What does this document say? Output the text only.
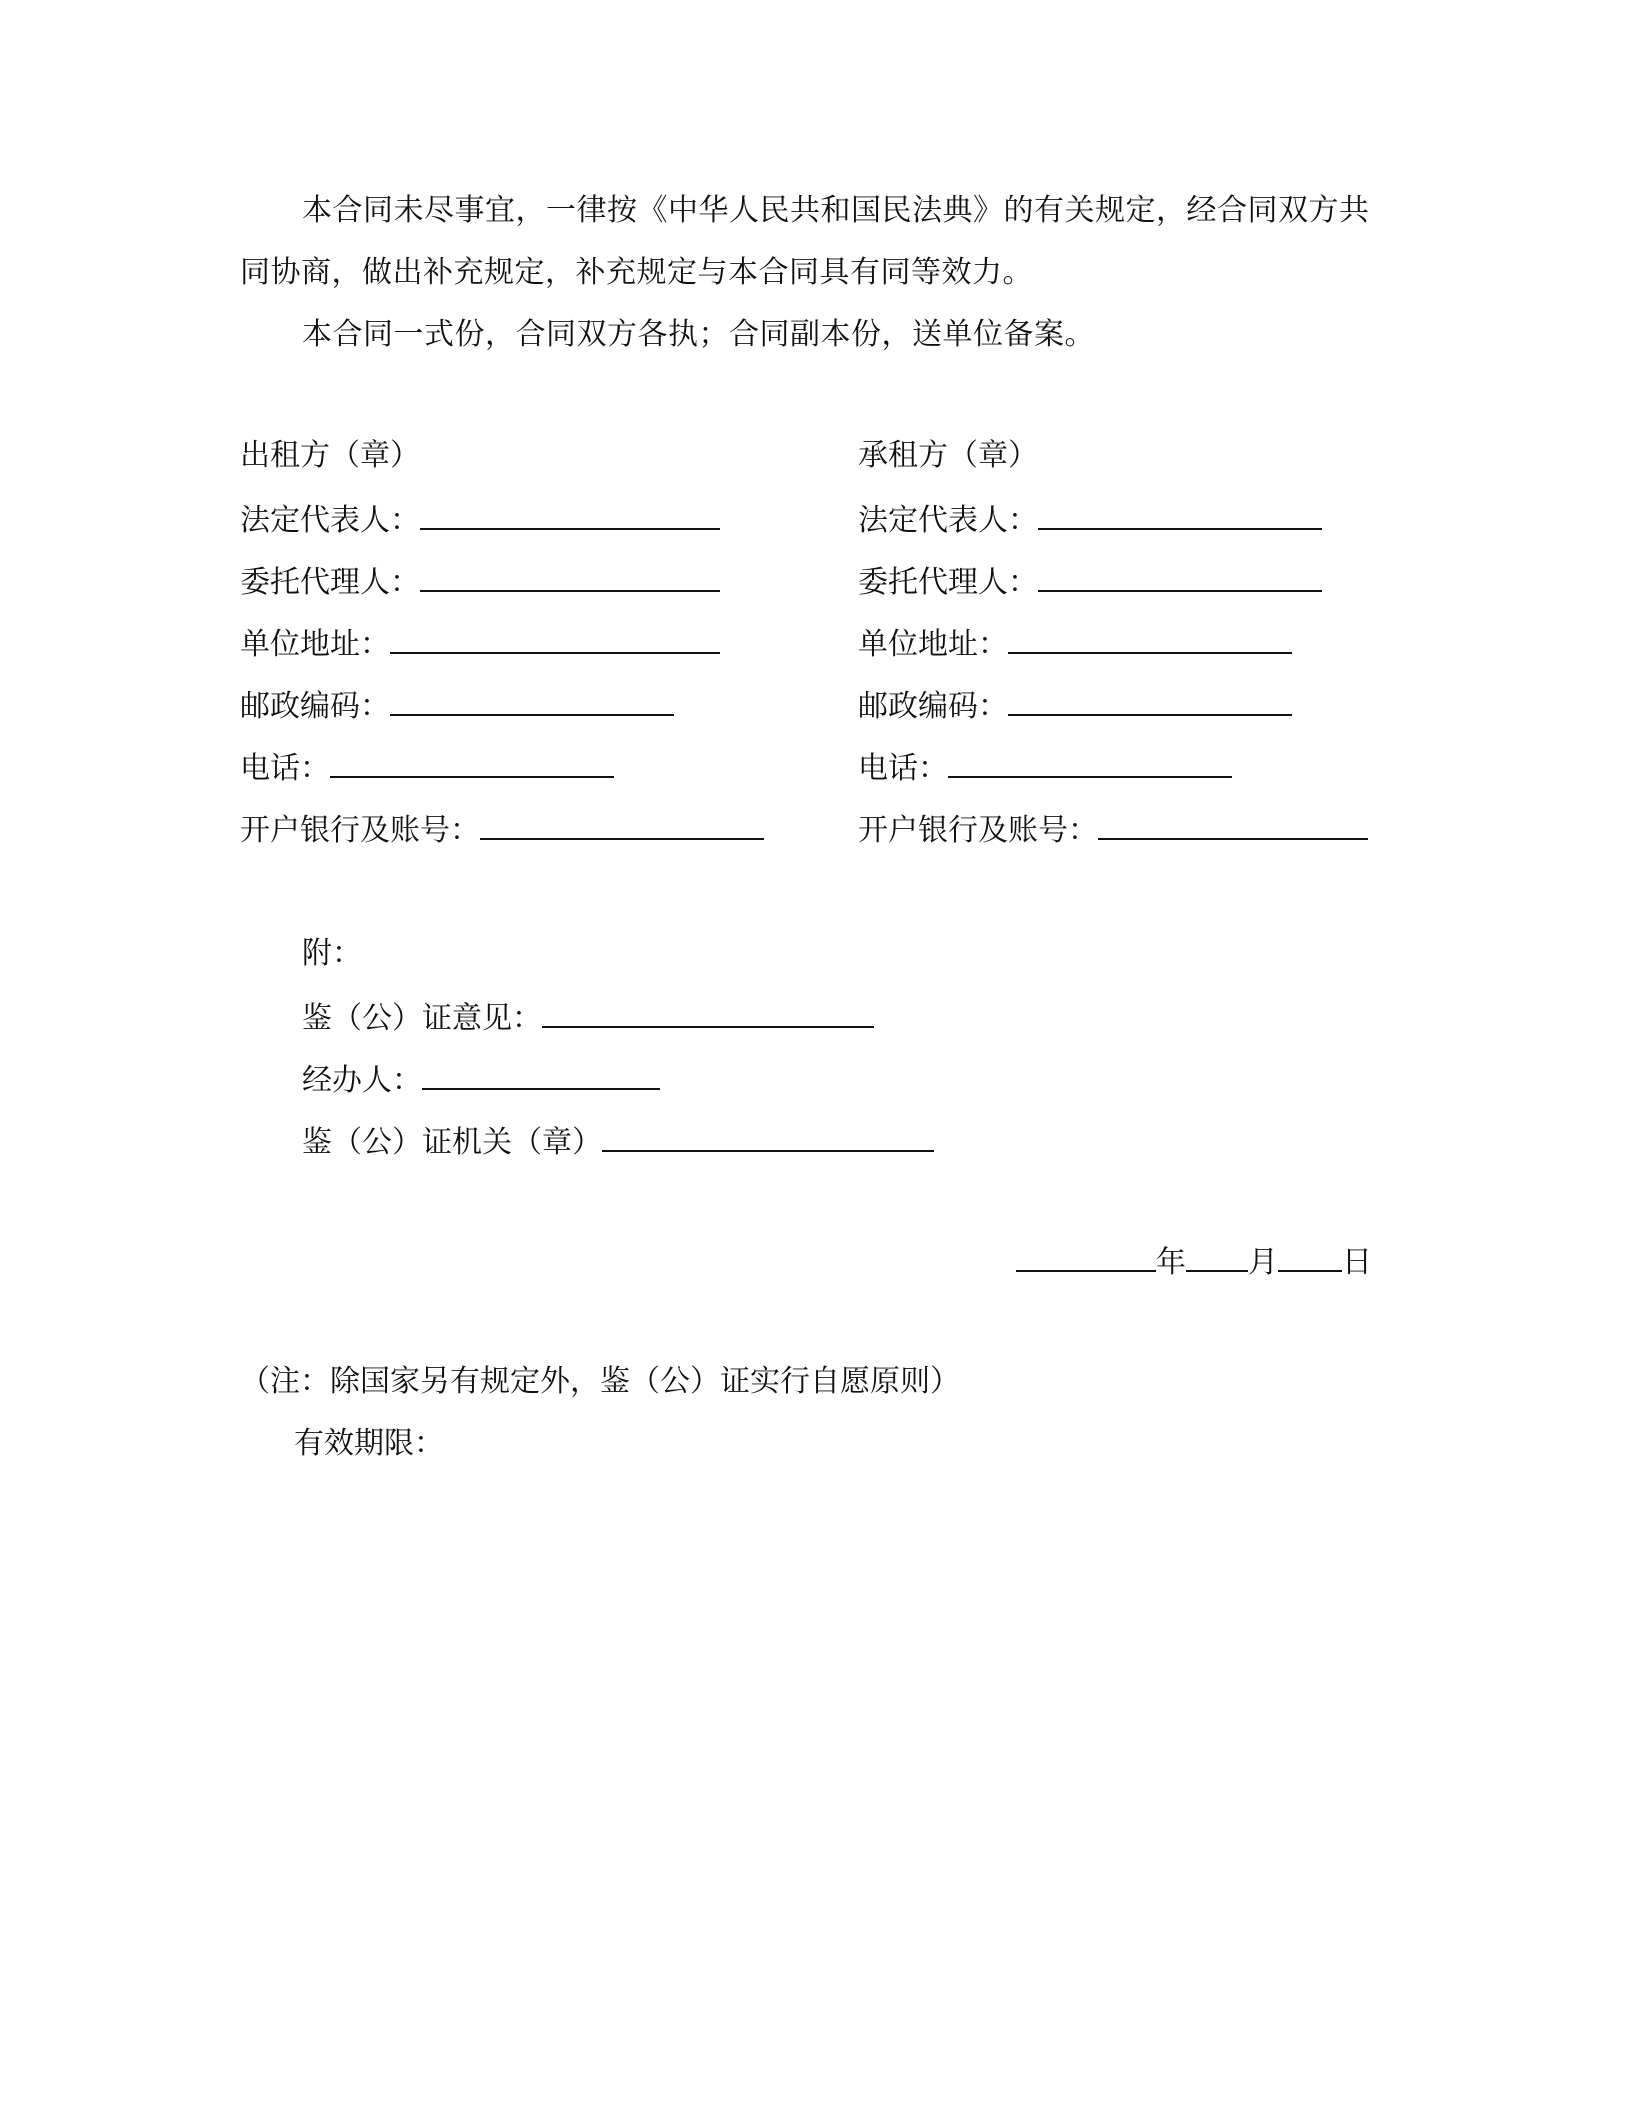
本合同未尽事宜，一律按《中华人民共和国民法典》的有关规定，经合同双方共同协商，做出补充规定，补充规定与本合同具有同等效力。
本合同一式份，合同双方各执；合同副本份，送单位备案。
出租方（章）
法定代表人：
委托代理人：
单位地址：
邮政编码：
电话：
开户银行及账号：
承租方（章）
法定代表人：
委托代理人：
单位地址：
邮政编码：
电话：
开户银行及账号：
附：
鉴（公）证意见：
经办人：
鉴（公）证机关（章）
年 月 日
（注：除国家另有规定外，鉴（公）证实行自愿原则）
有效期限：
